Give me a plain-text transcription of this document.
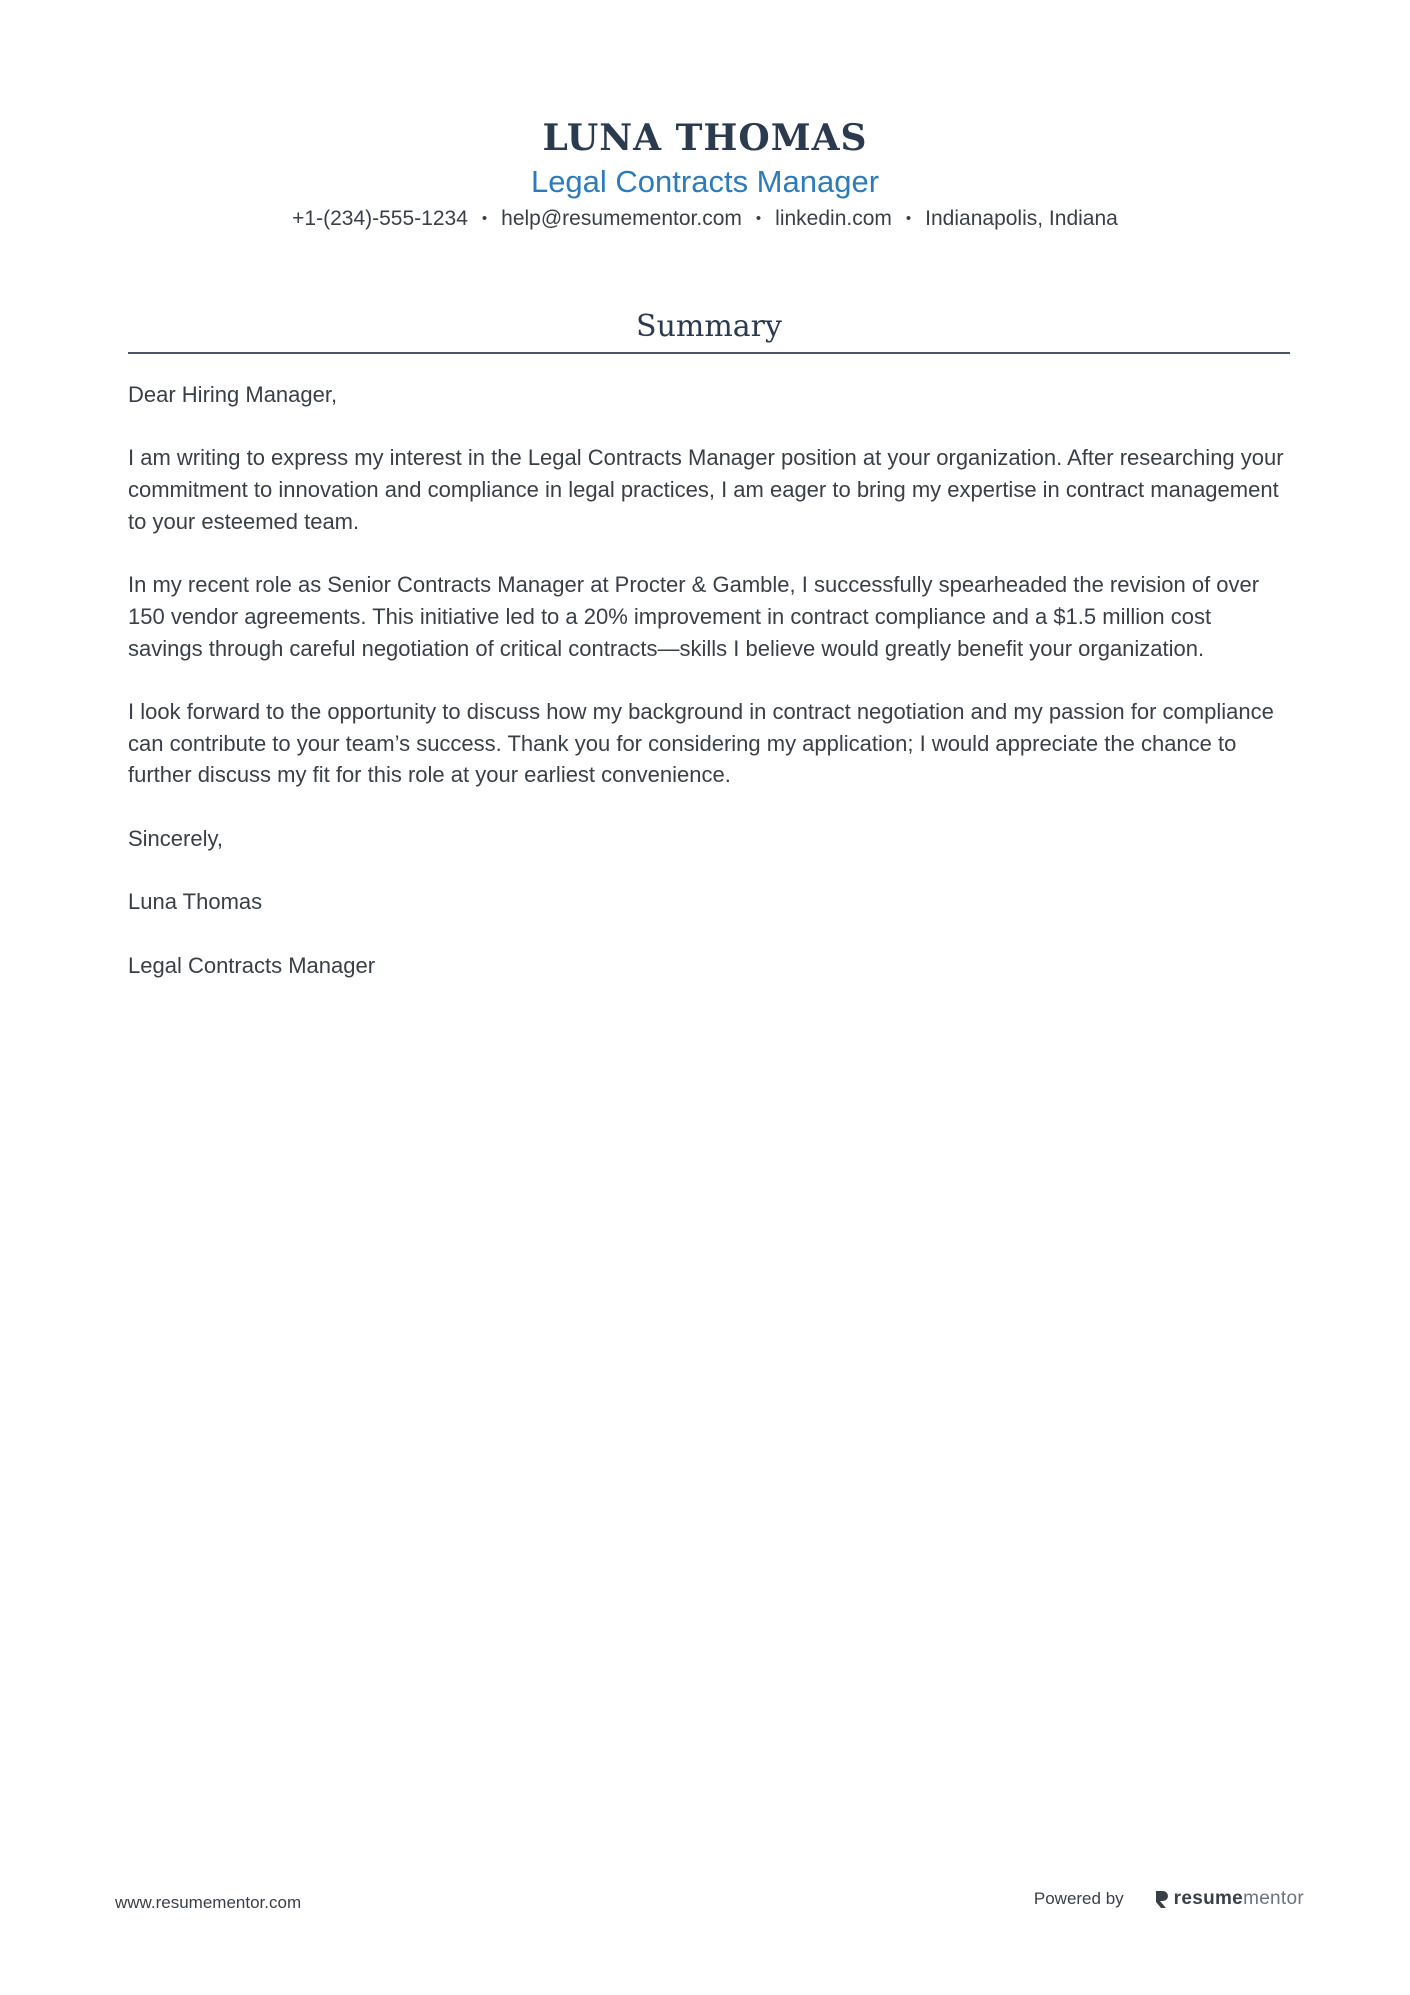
LUNA THOMAS
Legal Contracts Manager
+1-(234)-555-1234 • help@resumementor.com • linkedin.com • Indianapolis, Indiana
Summary

Dear Hiring Manager,

I am writing to express my interest in the Legal Contracts Manager position at your organization. After researching your commitment to innovation and compliance in legal practices, I am eager to bring my expertise in contract management to your esteemed team.

In my recent role as Senior Contracts Manager at Procter & Gamble, I successfully spearheaded the revision of over 150 vendor agreements. This initiative led to a 20% improvement in contract compliance and a $1.5 million cost savings through careful negotiation of critical contracts—skills I believe would greatly benefit your organization.

I look forward to the opportunity to discuss how my background in contract negotiation and my passion for compliance can contribute to your team’s success. Thank you for considering my application; I would appreciate the chance to further discuss my fit for this role at your earliest convenience.

Sincerely,

Luna Thomas

Legal Contracts Manager

www.resumementor.com	Powered by	resumementor
